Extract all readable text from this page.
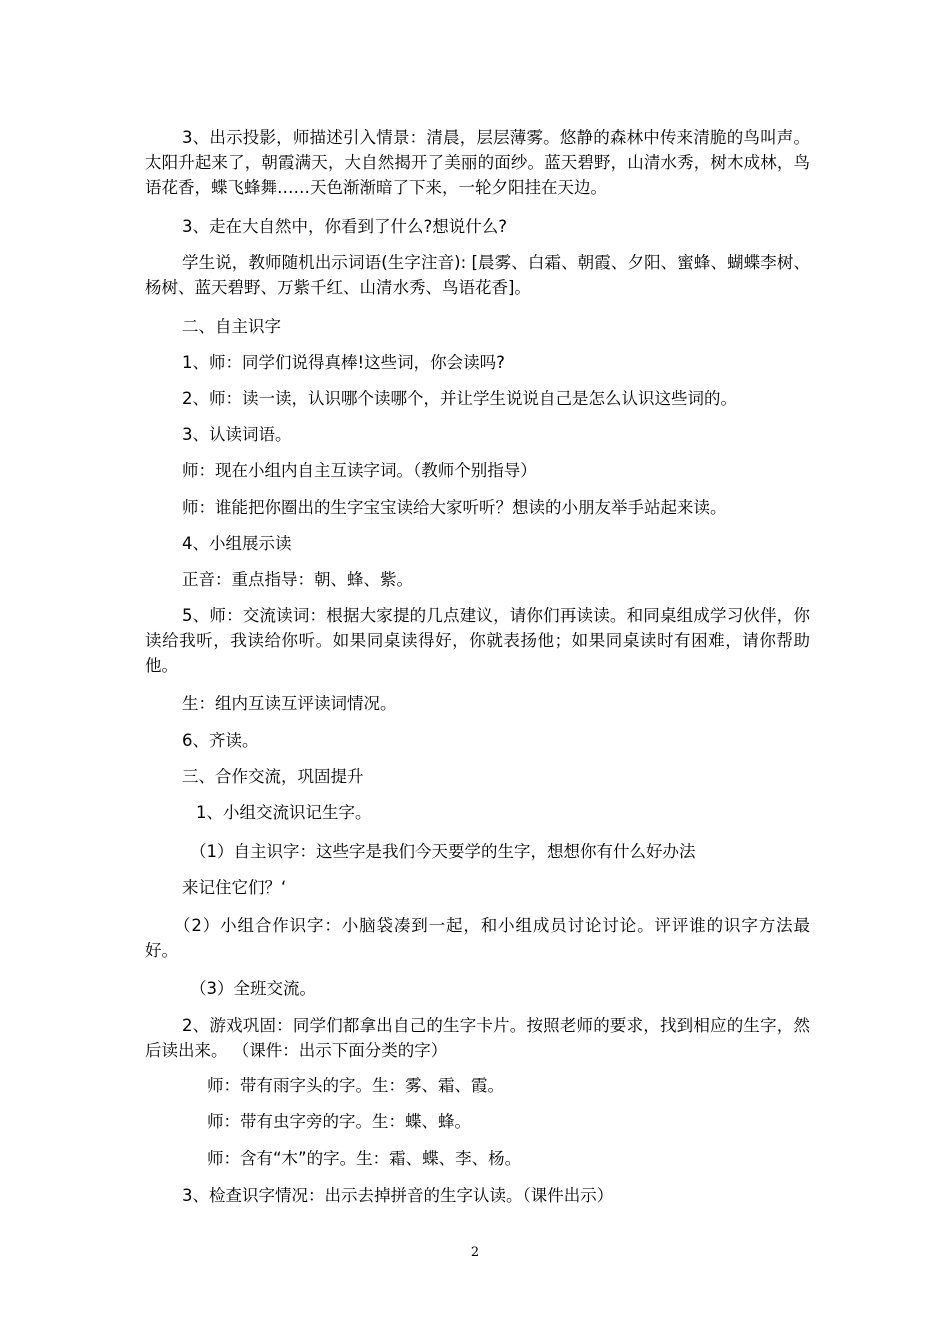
3、出示投影，师描述引入情景：清晨，层层薄雾。悠静的森林中传来清脆的鸟叫声。太阳升起来了，朝霞满天，大自然揭开了美丽的面纱。蓝天碧野，山清水秀，树木成林，鸟语花香，蝶飞蜂舞……天色渐渐暗了下来，一轮夕阳挂在天边。
3、走在大自然中，你看到了什么?想说什么?
学生说，教师随机出示词语(生字注音): [晨雾、白霜、朝霞、夕阳、蜜蜂、蝴蝶李树、杨树、蓝天碧野、万紫千红、山清水秀、鸟语花香]。
二、自主识字
1、师：同学们说得真棒!这些词，你会读吗?
2、师：读一读，认识哪个读哪个，并让学生说说自己是怎么认识这些词的。
3、认读词语。
师：现在小组内自主互读字词。（教师个别指导）
师：谁能把你圈出的生字宝宝读给大家听听？想读的小朋友举手站起来读。
4、小组展示读
正音：重点指导：朝、蜂、紫。
5、师：交流读词：根据大家提的几点建议，请你们再读读。和同桌组成学习伙伴，你读给我听，我读给你听。如果同桌读得好，你就表扬他；如果同桌读时有困难，请你帮助他。
生：组内互读互评读词情况。
6、齐读。
三、合作交流，巩固提升
1、小组交流识记生字。
（1）自主识字：这些字是我们今天要学的生字，想想你有什么好办法
来记住它们？‘
（2）小组合作识字：小脑袋凑到一起，和小组成员讨论讨论。评评谁的识字方法最好。
（3）全班交流。
2、游戏巩固：同学们都拿出自己的生字卡片。按照老师的要求，找到相应的生字，然后读出来。 （课件：出示下面分类的字）
师：带有雨字头的字。生：雾、霜、霞。
师：带有虫字旁的字。生：蝶、蜂。
师：含有“木”的字。生：霜、蝶、李、杨。
3、检查识字情况：出示去掉拼音的生字认读。（课件出示）
2
